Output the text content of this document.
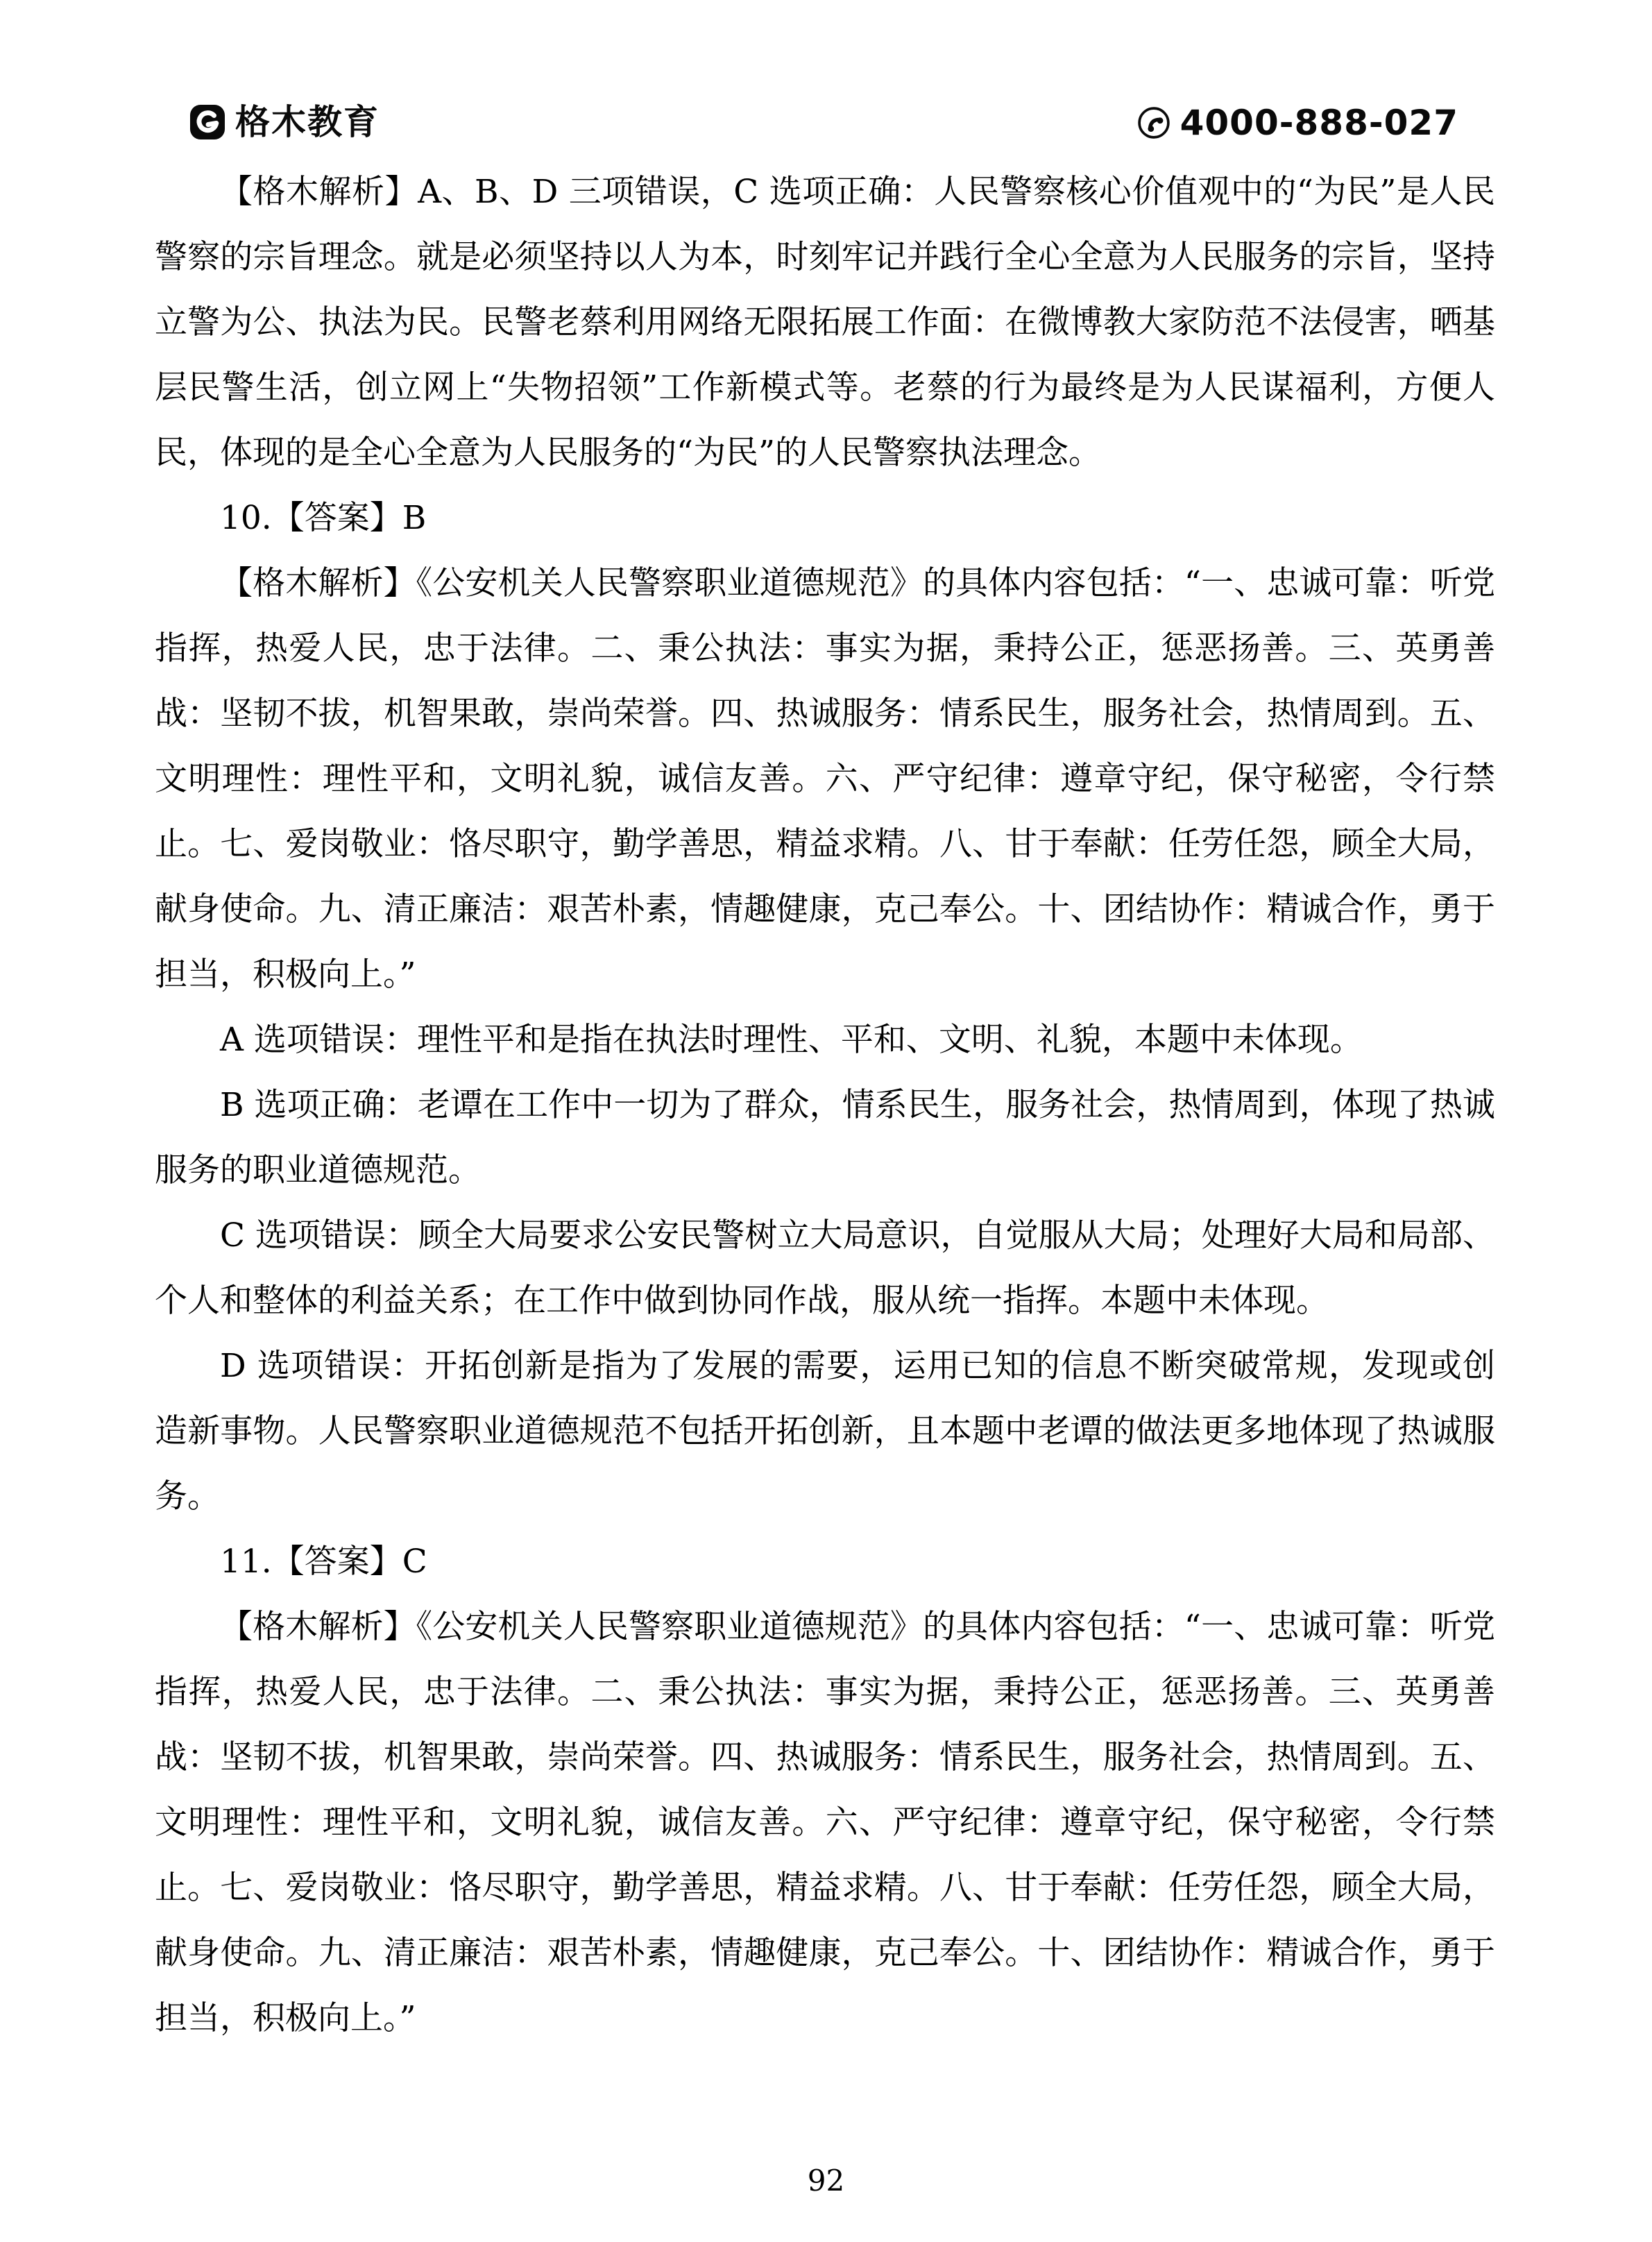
格木教育	4000-888-027

【格木解析】A、B、D 三项错误，C 选项正确：人民警察核心价值观中的“为民”是人民警察的宗旨理念。就是必须坚持以人为本，时刻牢记并践行全心全意为人民服务的宗旨，坚持立警为公、执法为民。民警老蔡利用网络无限拓展工作面：在微博教大家防范不法侵害，晒基层民警生活，创立网上“失物招领”工作新模式等。老蔡的行为最终是为人民谋福利，方便人民，体现的是全心全意为人民服务的“为民”的人民警察执法理念。

10.【答案】B

【格木解析】《公安机关人民警察职业道德规范》的具体内容包括：“一、忠诚可靠：听党指挥，热爱人民，忠于法律。二、秉公执法：事实为据，秉持公正，惩恶扬善。三、英勇善战：坚韧不拔，机智果敢，崇尚荣誉。四、热诚服务：情系民生，服务社会，热情周到。五、文明理性：理性平和，文明礼貌，诚信友善。六、严守纪律：遵章守纪，保守秘密，令行禁止。七、爱岗敬业：恪尽职守，勤学善思，精益求精。八、甘于奉献：任劳任怨，顾全大局，献身使命。九、清正廉洁：艰苦朴素，情趣健康，克己奉公。十、团结协作：精诚合作，勇于担当，积极向上。”

A 选项错误：理性平和是指在执法时理性、平和、文明、礼貌，本题中未体现。

B 选项正确：老谭在工作中一切为了群众，情系民生，服务社会，热情周到，体现了热诚服务的职业道德规范。

C 选项错误：顾全大局要求公安民警树立大局意识，自觉服从大局；处理好大局和局部、个人和整体的利益关系；在工作中做到协同作战，服从统一指挥。本题中未体现。

D 选项错误：开拓创新是指为了发展的需要，运用已知的信息不断突破常规，发现或创造新事物。人民警察职业道德规范不包括开拓创新，且本题中老谭的做法更多地体现了热诚服务。

11.【答案】C

【格木解析】《公安机关人民警察职业道德规范》的具体内容包括：“一、忠诚可靠：听党指挥，热爱人民，忠于法律。二、秉公执法：事实为据，秉持公正，惩恶扬善。三、英勇善战：坚韧不拔，机智果敢，崇尚荣誉。四、热诚服务：情系民生，服务社会，热情周到。五、文明理性：理性平和，文明礼貌，诚信友善。六、严守纪律：遵章守纪，保守秘密，令行禁止。七、爱岗敬业：恪尽职守，勤学善思，精益求精。八、甘于奉献：任劳任怨，顾全大局，献身使命。九、清正廉洁：艰苦朴素，情趣健康，克己奉公。十、团结协作：精诚合作，勇于担当，积极向上。”

92
